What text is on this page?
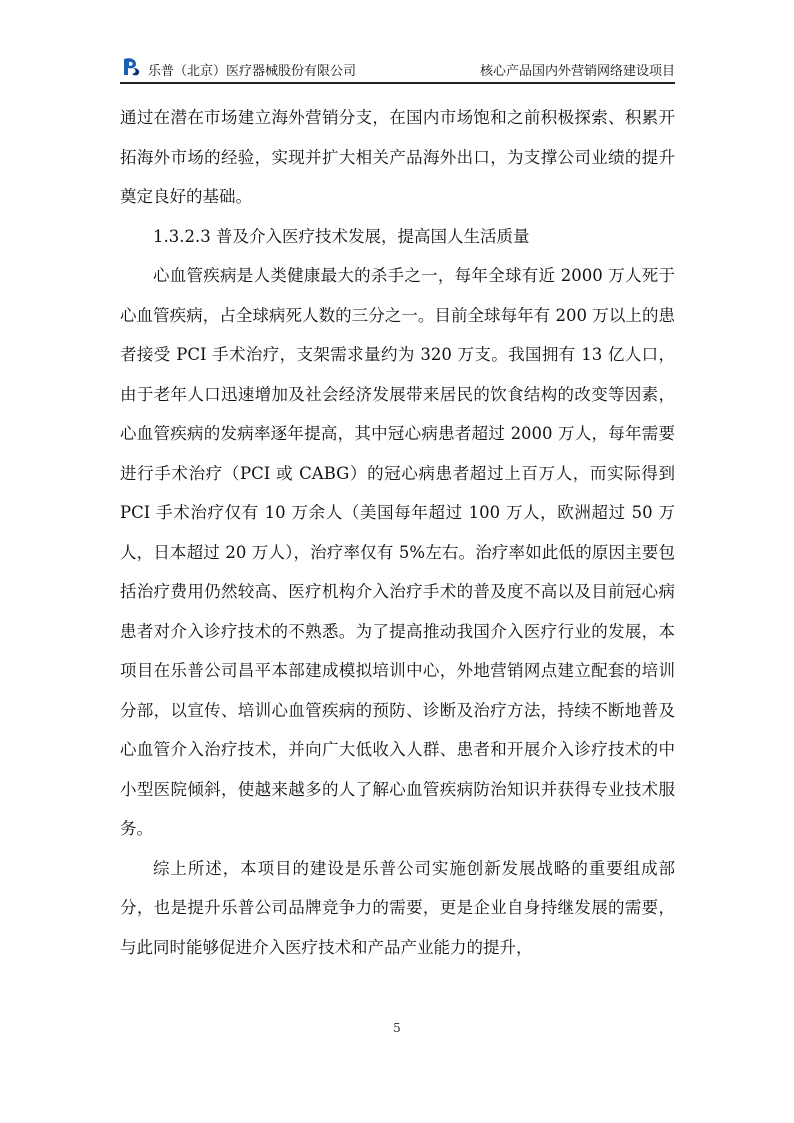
乐普（北京）医疗器械股份有限公司	核心产品国内外营销网络建设项目

通过在潜在市场建立海外营销分支，在国内市场饱和之前积极探索、积累开拓海外市场的经验，实现并扩大相关产品海外出口，为支撑公司业绩的提升奠定良好的基础。

1.3.2.3 普及介入医疗技术发展，提高国人生活质量

心血管疾病是人类健康最大的杀手之一，每年全球有近 2000 万人死于心血管疾病，占全球病死人数的三分之一。目前全球每年有 200 万以上的患者接受 PCI 手术治疗，支架需求量约为 320 万支。我国拥有 13 亿人口，由于老年人口迅速增加及社会经济发展带来居民的饮食结构的改变等因素，心血管疾病的发病率逐年提高，其中冠心病患者超过 2000 万人，每年需要进行手术治疗（PCI 或 CABG）的冠心病患者超过上百万人，而实际得到 PCI 手术治疗仅有 10 万余人（美国每年超过 100 万人，欧洲超过 50 万人，日本超过 20 万人），治疗率仅有 5%左右。治疗率如此低的原因主要包括治疗费用仍然较高、医疗机构介入治疗手术的普及度不高以及目前冠心病患者对介入诊疗技术的不熟悉。为了提高推动我国介入医疗行业的发展，本项目在乐普公司昌平本部建成模拟培训中心，外地营销网点建立配套的培训分部，以宣传、培训心血管疾病的预防、诊断及治疗方法，持续不断地普及心血管介入治疗技术，并向广大低收入人群、患者和开展介入诊疗技术的中小型医院倾斜，使越来越多的人了解心血管疾病防治知识并获得专业技术服务。

综上所述，本项目的建设是乐普公司实施创新发展战略的重要组成部分，也是提升乐普公司品牌竞争力的需要，更是企业自身持继发展的需要，与此同时能够促进介入医疗技术和产品产业能力的提升，

5
